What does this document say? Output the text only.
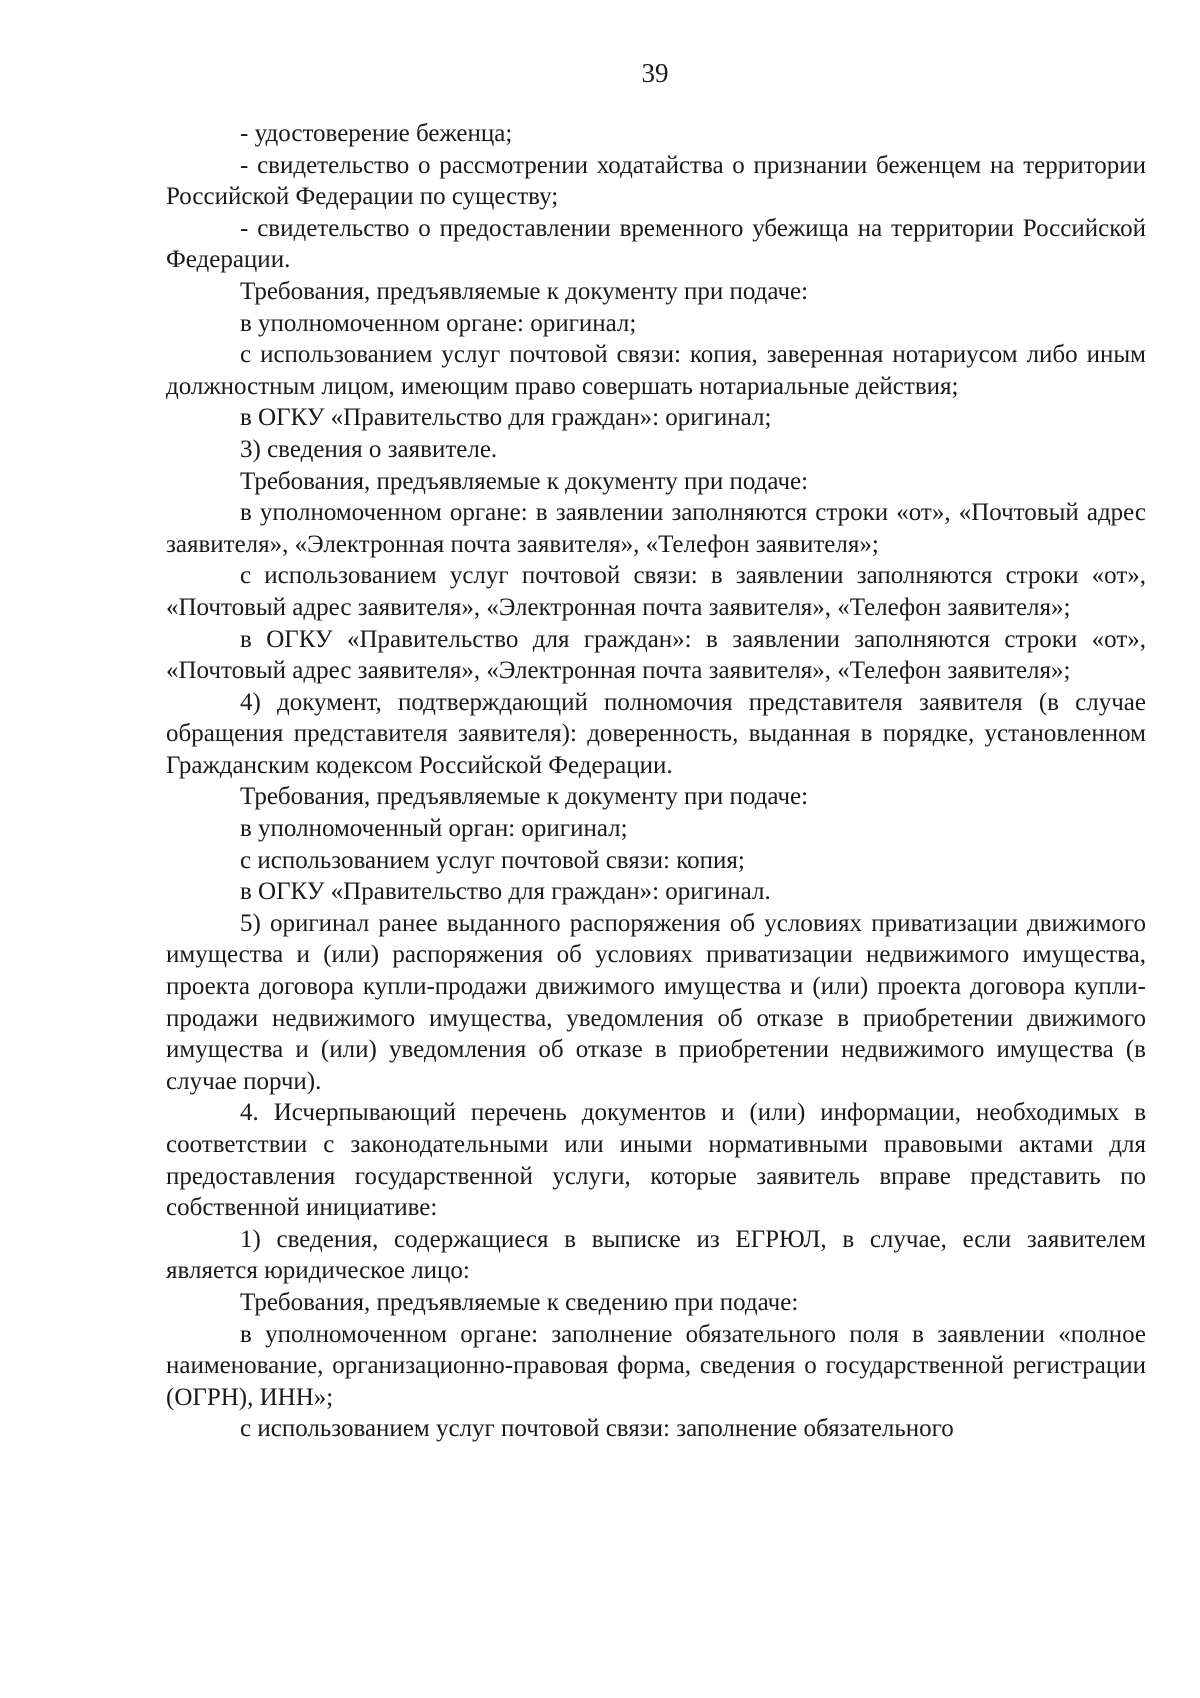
39

- удостоверение беженца;

- свидетельство о рассмотрении ходатайства о признании беженцем на территории Российской Федерации по существу;

- свидетельство о предоставлении временного убежища на территории Российской Федерации.

Требования, предъявляемые к документу при подаче:

в уполномоченном органе: оригинал;

с использованием услуг почтовой связи: копия, заверенная нотариусом либо иным должностным лицом, имеющим право совершать нотариальные действия;

в ОГКУ «Правительство для граждан»: оригинал;

3) сведения о заявителе.

Требования, предъявляемые к документу при подаче:

в уполномоченном органе: в заявлении заполняются строки «от», «Почтовый адрес заявителя», «Электронная почта заявителя», «Телефон заявителя»;

с использованием услуг почтовой связи: в заявлении заполняются строки «от», «Почтовый адрес заявителя», «Электронная почта заявителя», «Телефон заявителя»;

в ОГКУ «Правительство для граждан»: в заявлении заполняются строки «от», «Почтовый адрес заявителя», «Электронная почта заявителя», «Телефон заявителя»;

4) документ, подтверждающий полномочия представителя заявителя (в случае обращения представителя заявителя): доверенность, выданная в порядке, установленном Гражданским кодексом Российской Федерации.

Требования, предъявляемые к документу при подаче:

в уполномоченный орган: оригинал;

с использованием услуг почтовой связи: копия;

в ОГКУ «Правительство для граждан»: оригинал.

5) оригинал ранее выданного распоряжения об условиях приватизации движимого имущества и (или) распоряжения об условиях приватизации недвижимого имущества, проекта договора купли-продажи движимого имущества и (или) проекта договора купли-продажи недвижимого имущества, уведомления об отказе в приобретении движимого имущества и (или) уведомления об отказе в приобретении недвижимого имущества (в случае порчи).

4. Исчерпывающий перечень документов и (или) информации, необходимых в соответствии с законодательными или иными нормативными правовыми актами для предоставления государственной услуги, которые заявитель вправе представить по собственной инициативе:

1) сведения, содержащиеся в выписке из ЕГРЮЛ, в случае, если заявителем является юридическое лицо:

Требования, предъявляемые к сведению при подаче:

в уполномоченном органе: заполнение обязательного поля в заявлении «полное наименование, организационно-правовая форма, сведения о государственной регистрации (ОГРН), ИНН»;

с использованием услуг почтовой связи: заполнение обязательного
